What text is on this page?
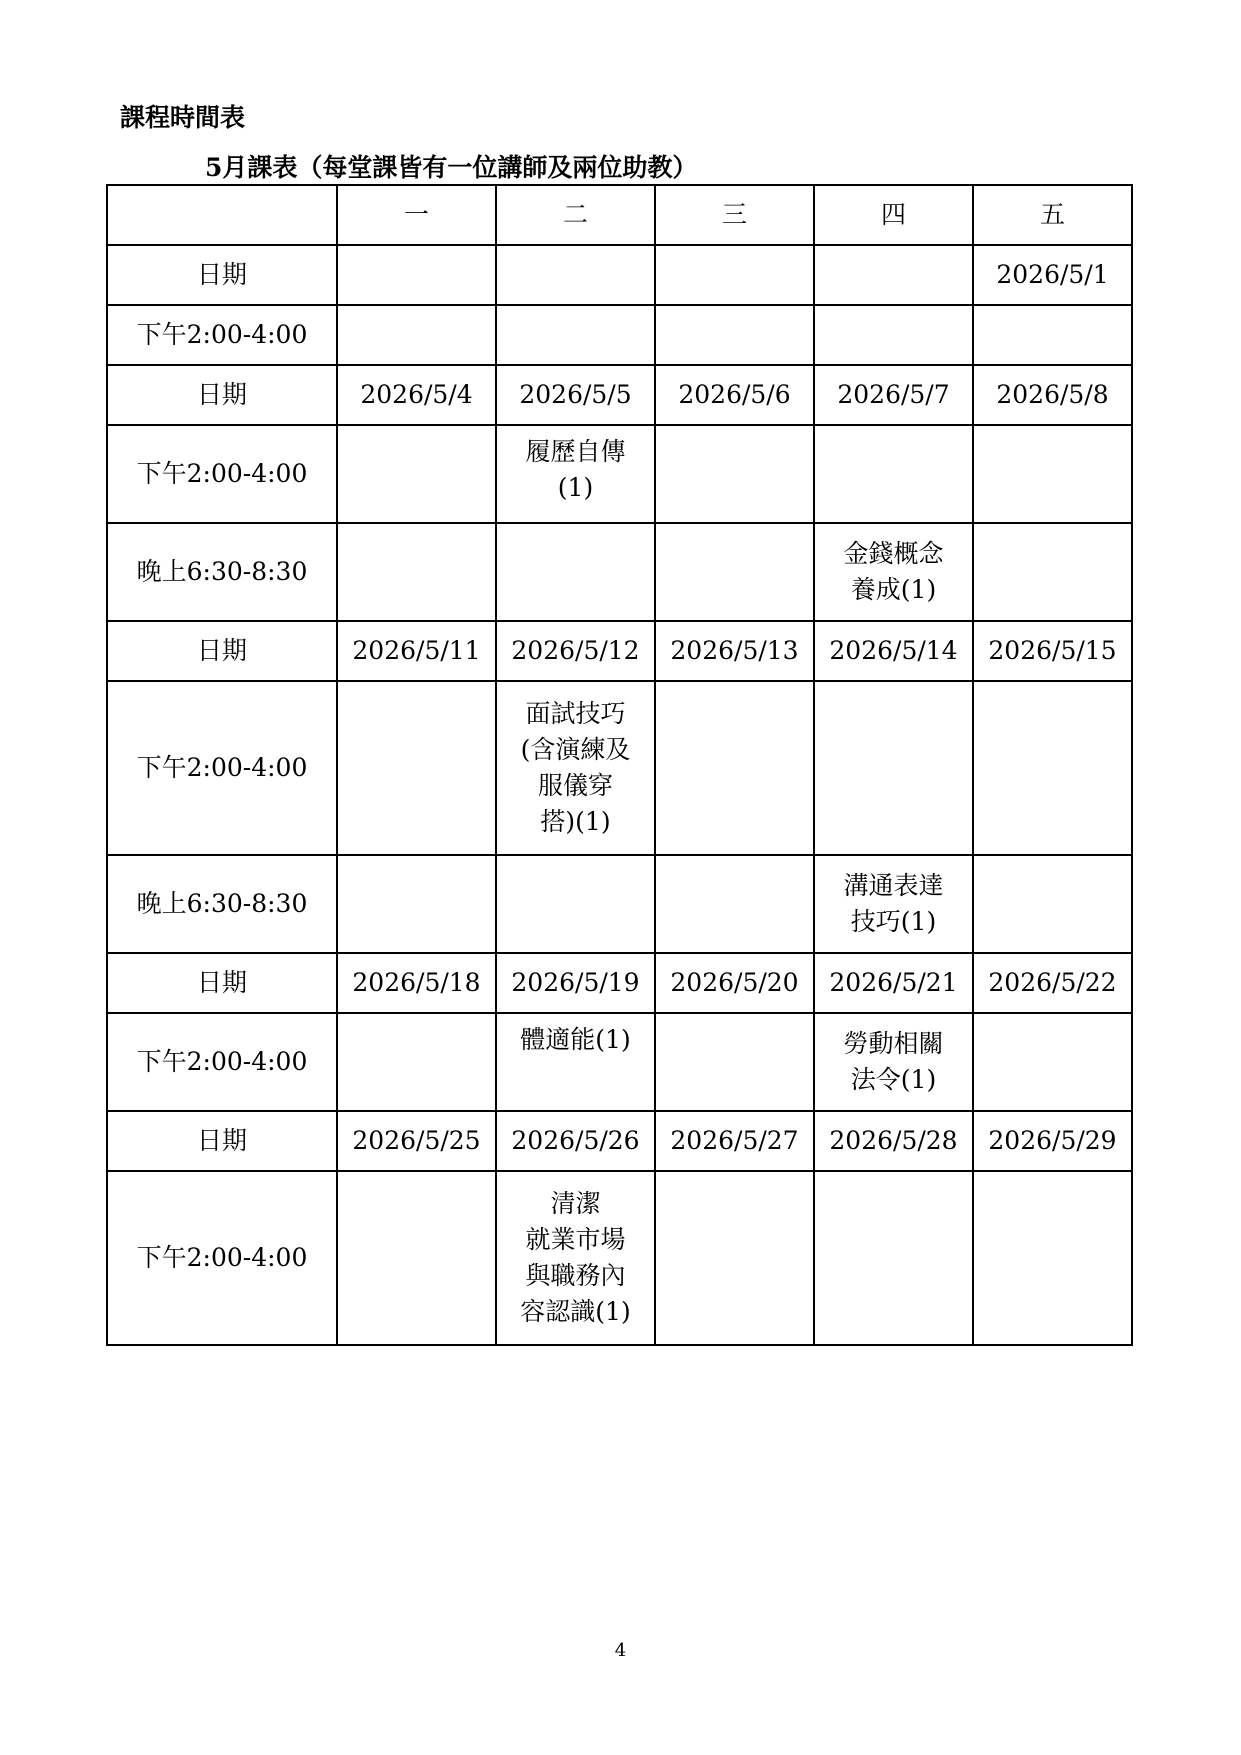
課程時間表
5月課表（每堂課皆有一位講師及兩位助教）
	一	二	三	四	五
日期					2026/5/1
下午2:00-4:00					
日期	2026/5/4	2026/5/5	2026/5/6	2026/5/7	2026/5/8
下午2:00-4:00		履歷自傳
(1)			
晚上6:30-8:30				金錢概念
養成(1)	
日期	2026/5/11	2026/5/12	2026/5/13	2026/5/14	2026/5/15
下午2:00-4:00		面試技巧
(含演練及
服儀穿
搭)(1)			
晚上6:30-8:30				溝通表達
技巧(1)	
日期	2026/5/18	2026/5/19	2026/5/20	2026/5/21	2026/5/22
下午2:00-4:00		體適能(1)		勞動相關
法令(1)	
日期	2026/5/25	2026/5/26	2026/5/27	2026/5/28	2026/5/29
下午2:00-4:00		清潔
就業市場
與職務內
容認識(1)			
4
